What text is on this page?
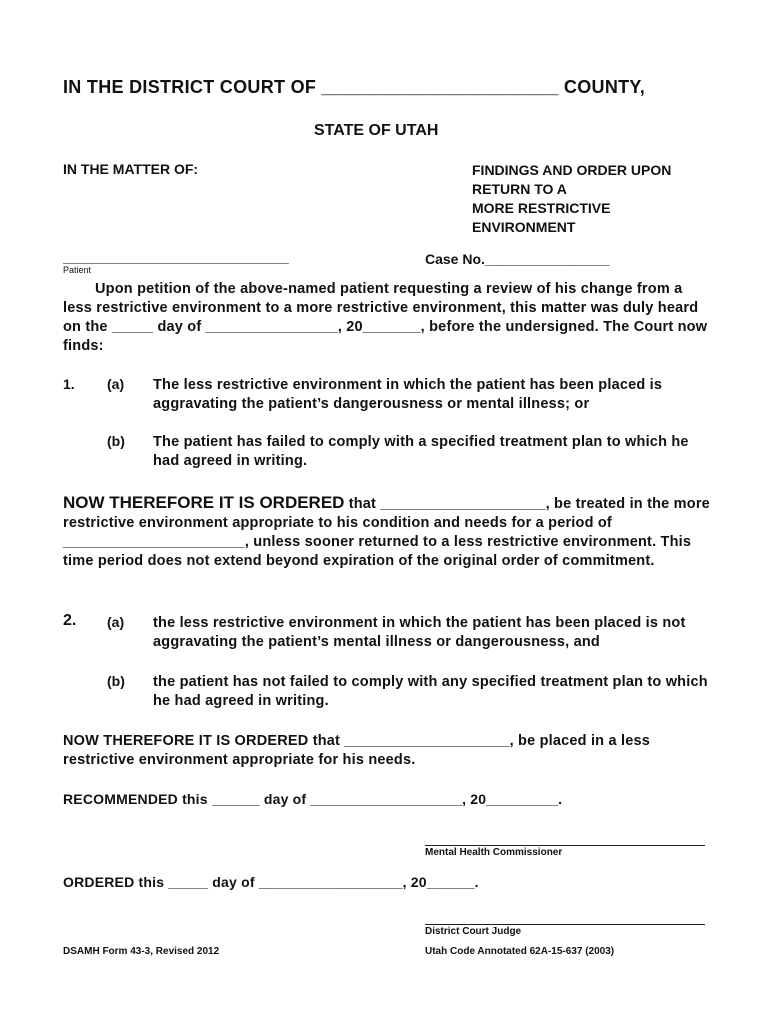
IN THE DISTRICT COURT OF _______________________ COUNTY,
STATE OF UTAH
IN THE MATTER OF:	FINDINGS AND ORDER UPON
RETURN TO A
MORE RESTRICTIVE
ENVIRONMENT
_____________________________
Patient
Case No.________________
Upon petition of the above-named patient requesting a review of his change from a less restrictive environment to a more restrictive environment, this matter was duly heard on the _____ day of ________________, 20_______, before the undersigned. The Court now finds:
1. (a) The less restrictive environment in which the patient has been placed is aggravating the patient’s dangerousness or mental illness; or
(b) The patient has failed to comply with a specified treatment plan to which he had agreed in writing.
NOW THEREFORE IT IS ORDERED that ____________________, be treated in the more restrictive environment appropriate to his condition and needs for a period of ______________________, unless sooner returned to a less restrictive environment. This time period does not extend beyond expiration of the original order of commitment.
2. (a) the less restrictive environment in which the patient has been placed is not aggravating the patient’s mental illness or dangerousness, and
(b) the patient has not failed to comply with any specified treatment plan to which he had agreed in writing.
NOW THEREFORE IT IS ORDERED that ____________________, be placed in a less restrictive environment appropriate for his needs.
RECOMMENDED this ______ day of ___________________, 20_________.
Mental Health Commissioner
ORDERED this _____ day of __________________, 20______.
District Court Judge
DSAMH Form 43-3, Revised 2012	Utah Code Annotated 62A-15-637 (2003)
